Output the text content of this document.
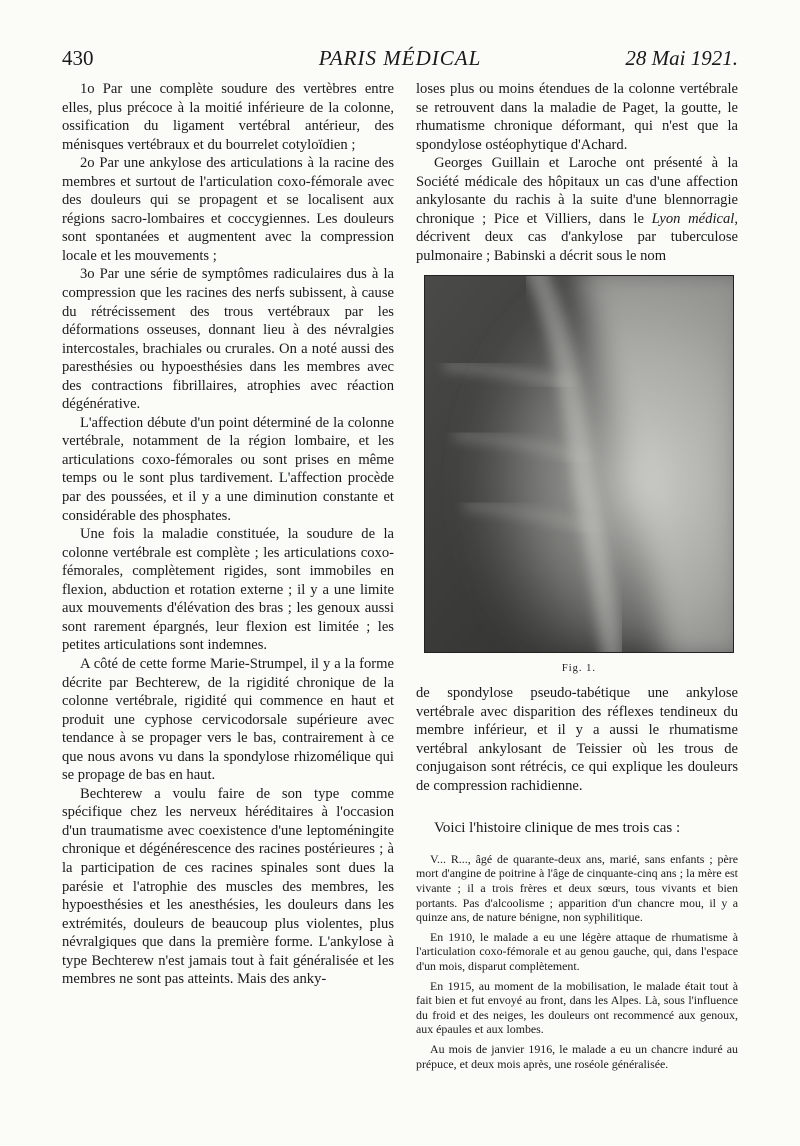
430	PARIS MÉDICAL	28 Mai 1921.

1o Par une complète soudure des vertèbres entre elles, plus précoce à la moitié inférieure de la colonne, ossification du ligament vertébral antérieur, des ménisques vertébraux et du bourrelet cotyloïdien ;

2o Par une ankylose des articulations à la racine des membres et surtout de l'articulation coxo-fémorale avec des douleurs qui se propagent et se localisent aux régions sacro-lombaires et coccygiennes. Les douleurs sont spontanées et augmentent avec la compression locale et les mouvements ;

3o Par une série de symptômes radiculaires dus à la compression que les racines des nerfs subissent, à cause du rétrécissement des trous vertébraux par les déformations osseuses, donnant lieu à des névralgies intercostales, brachiales ou crurales. On a noté aussi des paresthésies ou hypoesthésies dans les membres avec des contractions fibrillaires, atrophies avec réaction dégénérative.

L'affection débute d'un point déterminé de la colonne vertébrale, notamment de la région lombaire, et les articulations coxo-fémorales ou sont prises en même temps ou le sont plus tardivement. L'affection procède par des poussées, et il y a une diminution constante et considérable des phosphates.

Une fois la maladie constituée, la soudure de la colonne vertébrale est complète ; les articulations coxo-fémorales, complètement rigides, sont immobiles en flexion, abduction et rotation externe ; il y a une limite aux mouvements d'élévation des bras ; les genoux aussi sont rarement épargnés, leur flexion est limitée ; les petites articulations sont indemnes.

A côté de cette forme Marie-Strumpel, il y a la forme décrite par Bechterew, de la rigidité chronique de la colonne vertébrale, rigidité qui commence en haut et produit une cyphose cervicodorsale supérieure avec tendance à se propager vers le bas, contrairement à ce que nous avons vu dans la spondylose rhizomélique qui se propage de bas en haut.

Bechterew a voulu faire de son type comme spécifique chez les nerveux héréditaires à l'occasion d'un traumatisme avec coexistence d'une leptoméningite chronique et dégénérescence des racines postérieures ; à la participation de ces racines spinales sont dues la parésie et l'atrophie des muscles des membres, les hypoesthésies et les anesthésies, les douleurs dans les extrémités, douleurs de beaucoup plus violentes, plus névralgiques que dans la première forme. L'ankylose à type Bechterew n'est jamais tout à fait généralisée et les membres ne sont pas atteints. Mais des anky-

loses plus ou moins étendues de la colonne vertébrale se retrouvent dans la maladie de Paget, la goutte, le rhumatisme chronique déformant, qui n'est que la spondylose ostéophytique d'Achard.

Georges Guillain et Laroche ont présenté à la Société médicale des hôpitaux un cas d'une affection ankylosante du rachis à la suite d'une blennorragie chronique ; Pice et Villiers, dans le Lyon médical, décrivent deux cas d'ankylose par tuberculose pulmonaire ; Babinski a décrit sous le nom

Fig. 1.

de spondylose pseudo-tabétique une ankylose vertébrale avec disparition des réflexes tendineux du membre inférieur, et il y a aussi le rhumatisme vertébral ankylosant de Teissier où les trous de conjugaison sont rétrécis, ce qui explique les douleurs de compression rachidienne.

Voici l'histoire clinique de mes trois cas :

V... R..., âgé de quarante-deux ans, marié, sans enfants ; père mort d'angine de poitrine à l'âge de cinquante-cinq ans ; la mère est vivante ; il a trois frères et deux sœurs, tous vivants et bien portants. Pas d'alcoolisme ; apparition d'un chancre mou, il y a quinze ans, de nature bénigne, non syphilitique.

En 1910, le malade a eu une légère attaque de rhumatisme à l'articulation coxo-fémorale et au genou gauche, qui, dans l'espace d'un mois, disparut complètement.

En 1915, au moment de la mobilisation, le malade était tout à fait bien et fut envoyé au front, dans les Alpes. Là, sous l'influence du froid et des neiges, les douleurs ont recommencé aux genoux, aux épaules et aux lombes.

Au mois de janvier 1916, le malade a eu un chancre induré au prépuce, et deux mois après, une roséole généralisée.
